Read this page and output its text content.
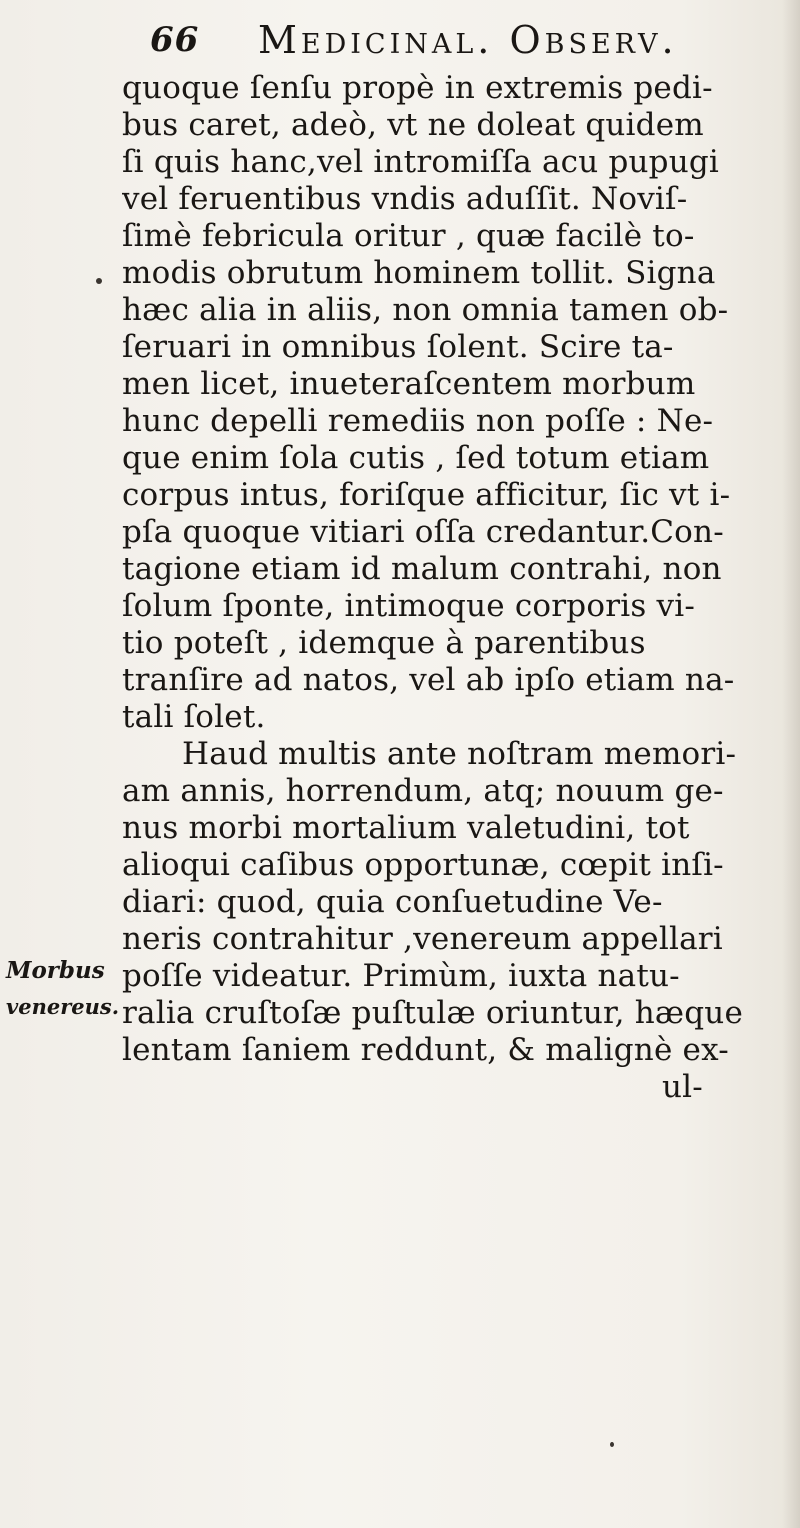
66 Medicinal. Observ.
Morbus
venereus.
quoque ſenſu propè in extremis pedi-
bus caret, adeò, vt ne doleat quidem
ſi quis hanc,vel intromiſſa acu pupugi
vel feruentibus vndis aduſſit. Noviſ-
ſimè febricula oritur , quæ facilè to-
modis obrutum hominem tollit. Signa
hæc alia in aliis, non omnia tamen ob-
ſeruari in omnibus ſolent. Scire ta-
men licet, inueteraſcentem morbum
hunc depelli remediis non poſſe : Ne-
que enim ſola cutis , ſed totum etiam
corpus intus, foriſque afficitur, ſic vt i-
pſa quoque vitiari oſſa credantur.Con-
tagione etiam id malum contrahi, non
ſolum ſponte, intimoque corporis vi-
tio poteſt , idemque à parentibus
tranſire ad natos, vel ab ipſo etiam na-
tali ſolet.
Haud multis ante noſtram memori-
am annis, horrendum, atq; nouum ge-
nus morbi mortalium valetudini, tot
alioqui caſibus opportunæ, cœpit inſi-
diari: quod, quia conſuetudine Ve-
neris contrahitur ,venereum appellari
poſſe videatur. Primùm, iuxta natu-
ralia cruſtoſæ puſtulæ oriuntur, hæque
lentam ſaniem reddunt, & malignè ex-
ul-
